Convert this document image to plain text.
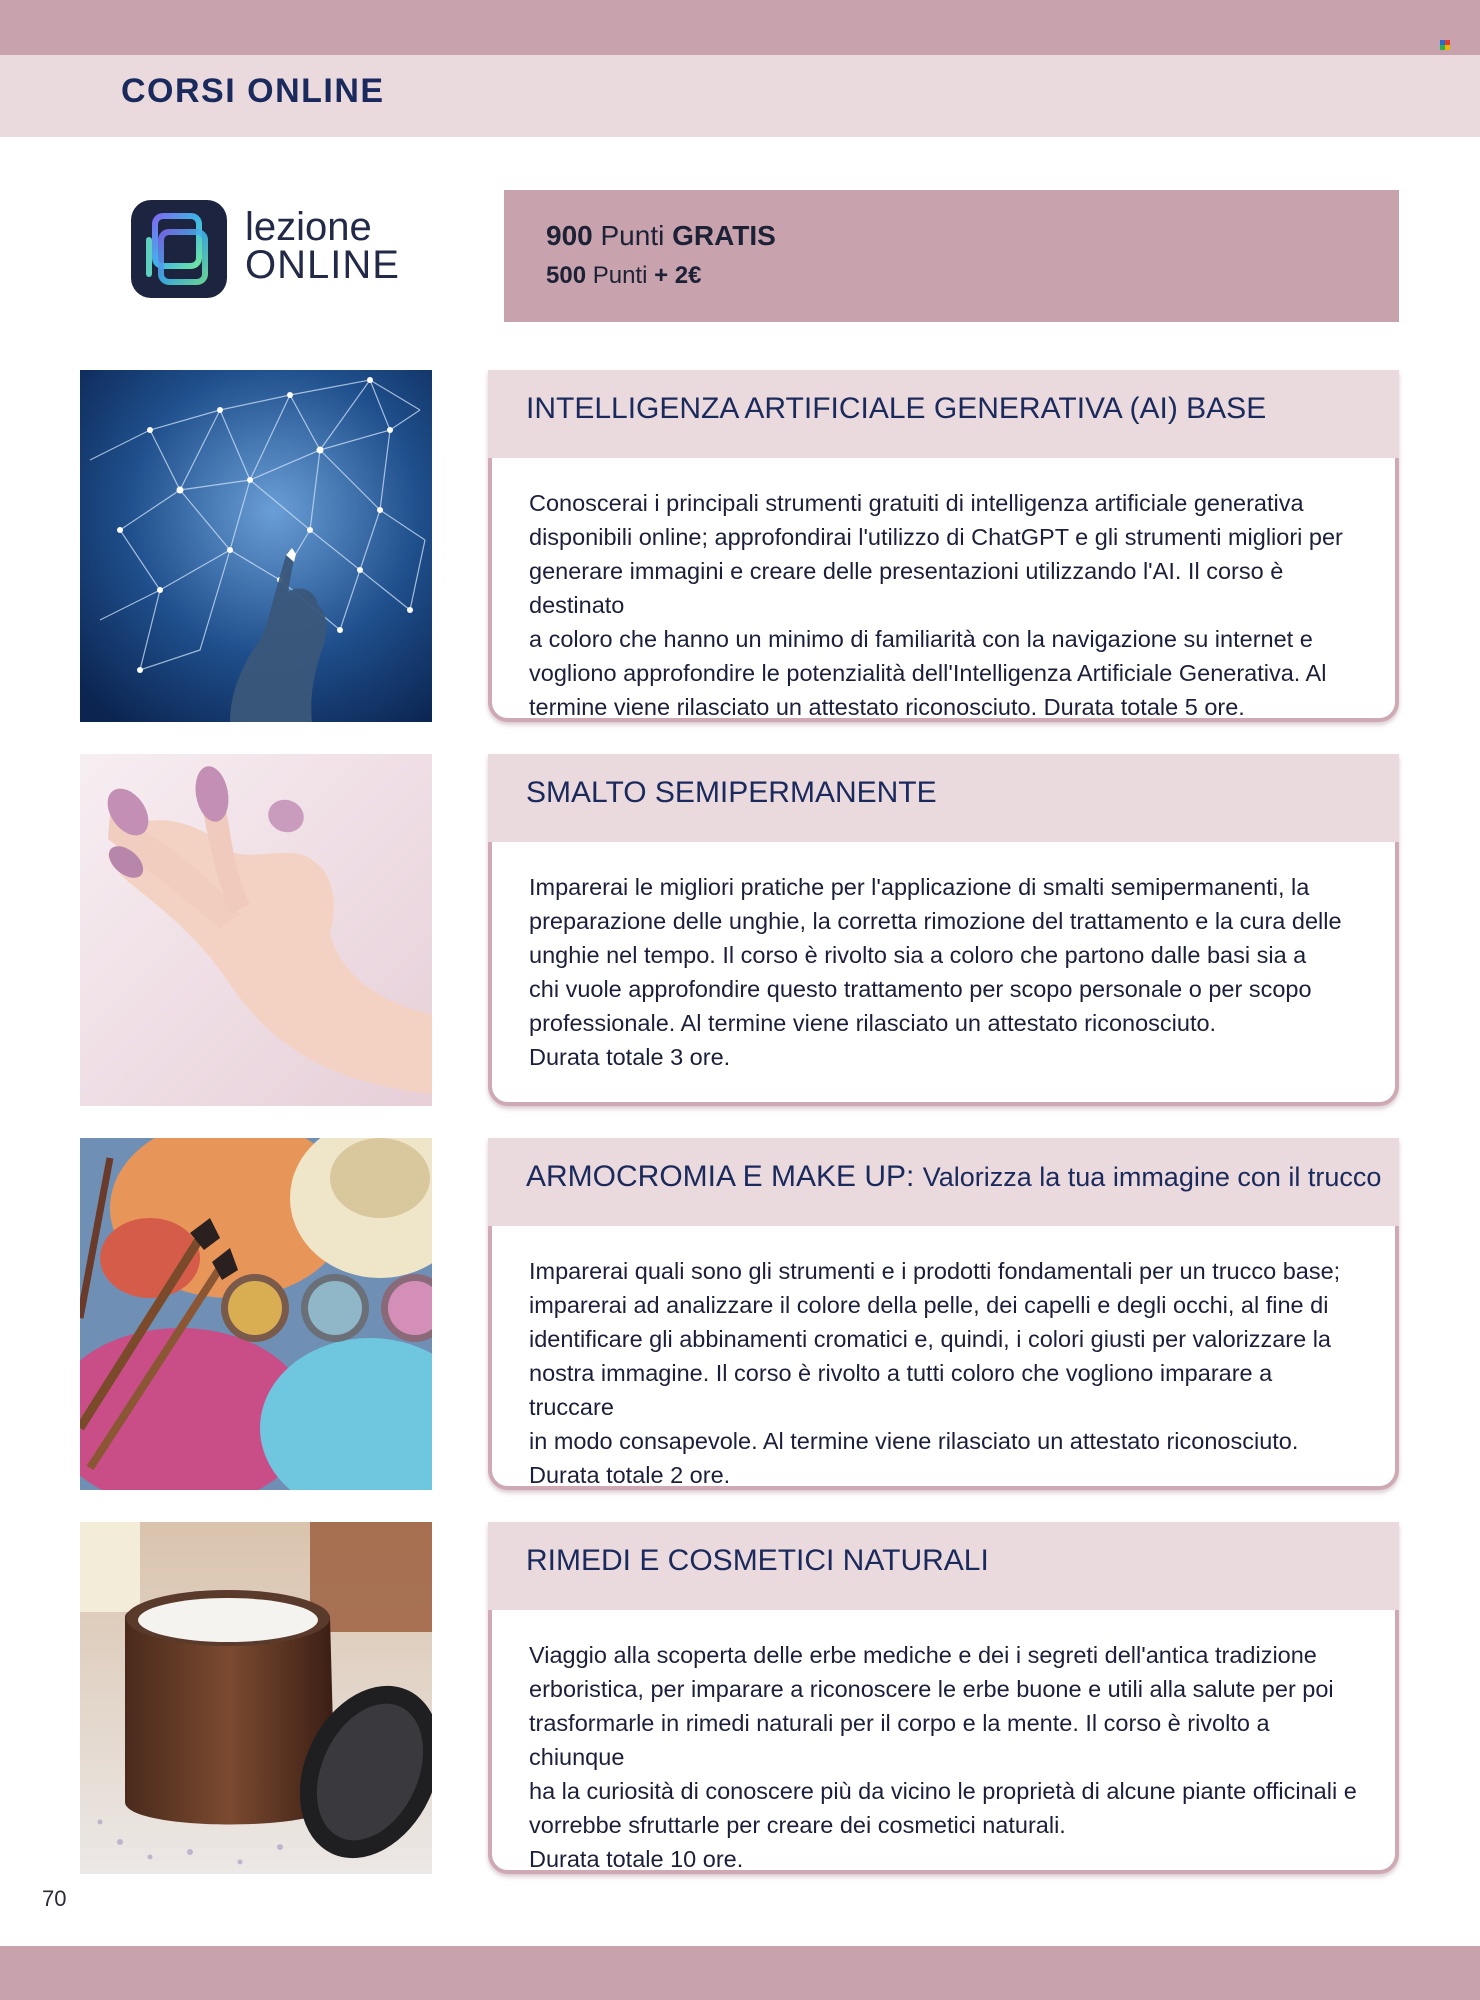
CORSI ONLINE
lezione
ONLINE
900 Punti GRATIS
500 Punti + 2€
INTELLIGENZA ARTIFICIALE GENERATIVA (AI) BASE
Conoscerai i principali strumenti gratuiti di intelligenza artificiale generativa
disponibili online; approfondirai l'utilizzo di ChatGPT e gli strumenti migliori per
generare immagini e creare delle presentazioni utilizzando l'AI. Il corso è destinato
a coloro che hanno un minimo di familiarità con la navigazione su internet e
vogliono approfondire le potenzialità dell'Intelligenza Artificiale Generativa. Al
termine viene rilasciato un attestato riconosciuto. Durata totale 5 ore.
SMALTO SEMIPERMANENTE
Imparerai le migliori pratiche per l'applicazione di smalti semipermanenti, la
preparazione delle unghie, la corretta rimozione del trattamento e la cura delle
unghie nel tempo. Il corso è rivolto sia a coloro che partono dalle basi sia a
chi vuole approfondire questo trattamento per scopo personale o per scopo
professionale. Al termine viene rilasciato un attestato riconosciuto.
Durata totale 3 ore.
ARMOCROMIA E MAKE UP: Valorizza la tua immagine con il trucco
Imparerai quali sono gli strumenti e i prodotti fondamentali per un trucco base;
imparerai ad analizzare il colore della pelle, dei capelli e degli occhi, al fine di
identificare gli abbinamenti cromatici e, quindi, i colori giusti per valorizzare la
nostra immagine. Il corso è rivolto a tutti coloro che vogliono imparare a truccare
in modo consapevole. Al termine viene rilasciato un attestato riconosciuto.
Durata totale 2 ore.
RIMEDI E COSMETICI NATURALI
Viaggio alla scoperta delle erbe mediche e dei i segreti dell'antica tradizione
erboristica, per imparare a riconoscere le erbe buone e utili alla salute per poi
trasformarle in rimedi naturali per il corpo e la mente. Il corso è rivolto a chiunque
ha la curiosità di conoscere più da vicino le proprietà di alcune piante officinali e
vorrebbe sfruttarle per creare dei cosmetici naturali.
Durata totale 10 ore.
70
